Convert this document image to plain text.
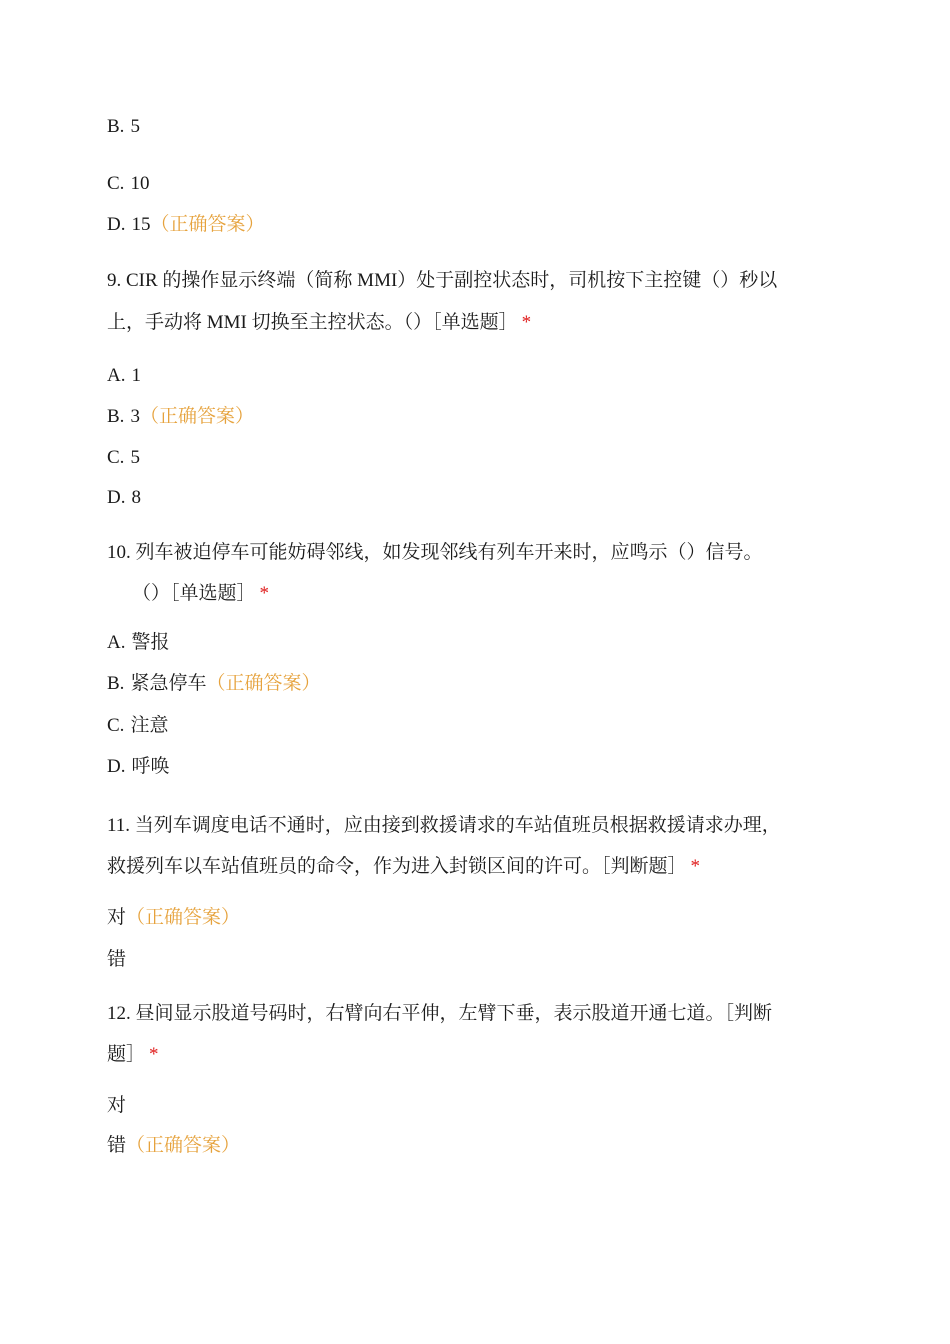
B. 5
C. 10
D. 15（正确答案）
9. CIR 的操作显示终端（简称 MMI）处于副控状态时，司机按下主控键（）秒以
上，手动将 MMI 切换至主控状态。（）［单选题］ *
A. 1
B. 3（正确答案）
C. 5
D. 8
10. 列车被迫停车可能妨碍邻线，如发现邻线有列车开来时，应鸣示（）信号。
（）［单选题］ *
A. 警报
B. 紧急停车（正确答案）
C. 注意
D. 呼唤
11. 当列车调度电话不通时，应由接到救援请求的车站值班员根据救援请求办理，
救援列车以车站值班员的命令，作为进入封锁区间的许可。［判断题］ *
对（正确答案）
错
12. 昼间显示股道号码时，右臂向右平伸，左臂下垂，表示股道开通七道。［判断
题］ *
对
错（正确答案）
